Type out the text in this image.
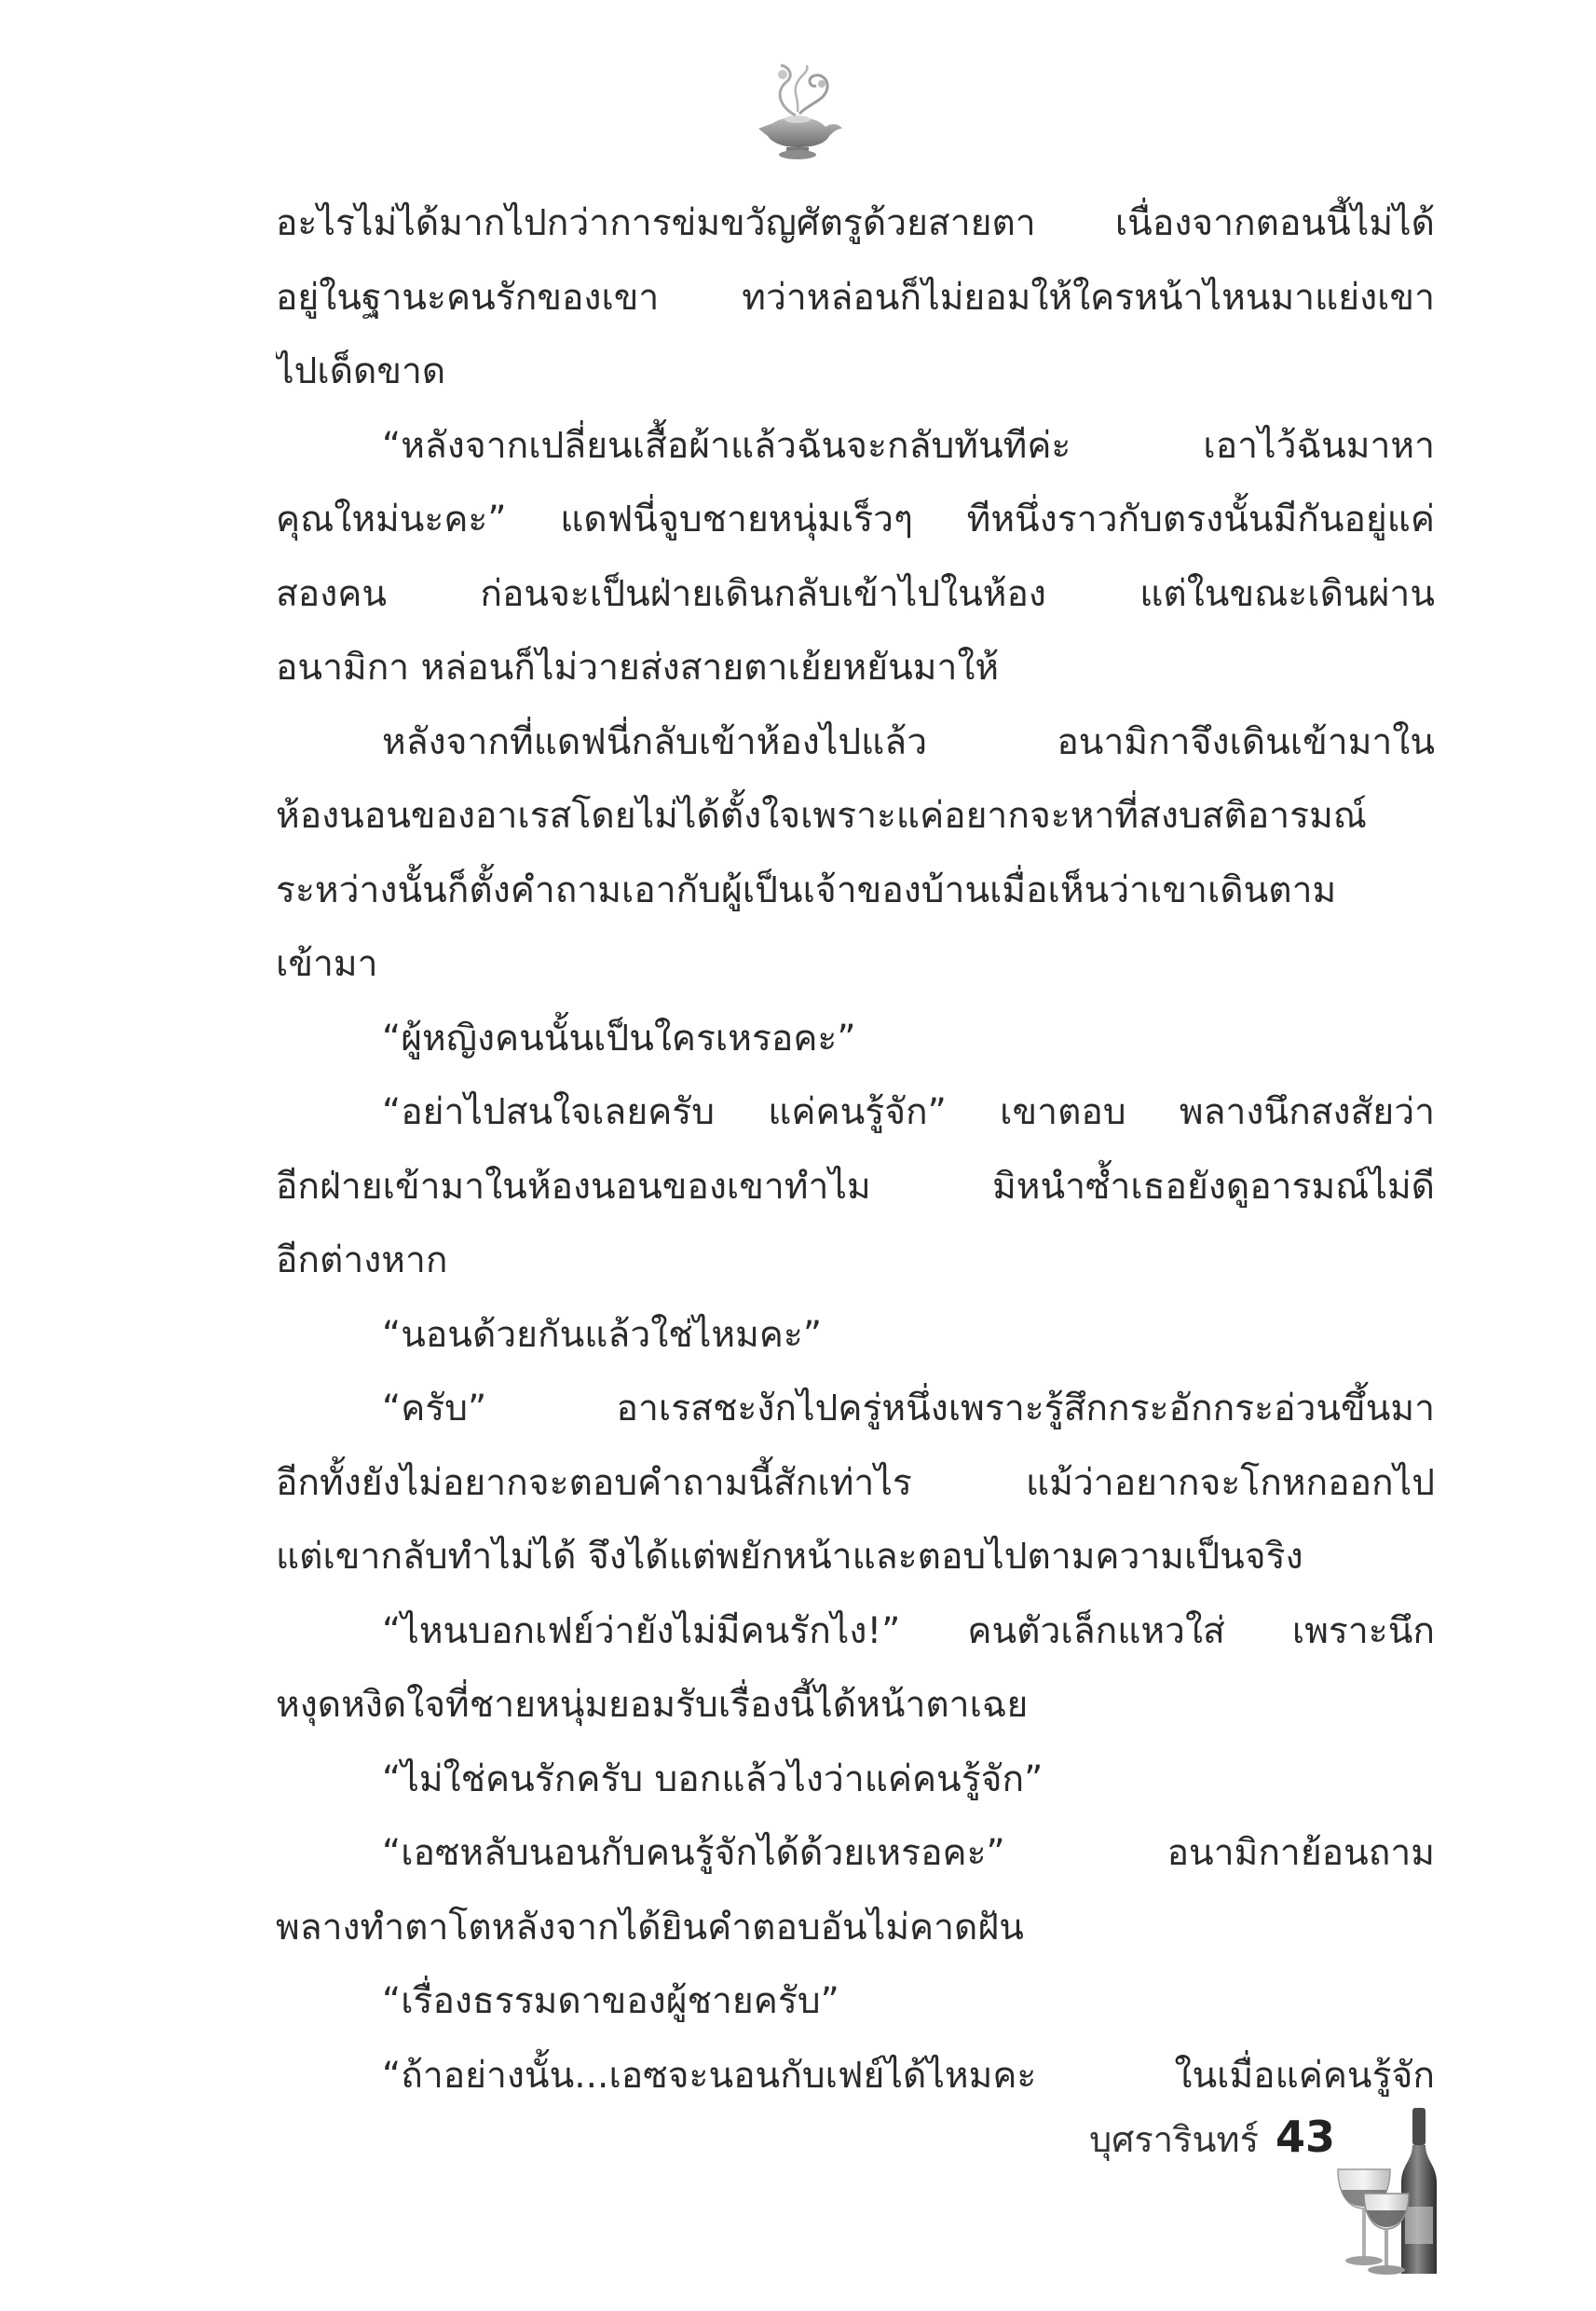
อะไรไม่ได้มากไปกว่าการข่มขวัญศัตรูด้วยสายตา เนื่องจากตอนนี้ไม่ได้
อยู่ในฐานะคนรักของเขา ทว่าหล่อนก็ไม่ยอมให้ใครหน้าไหนมาแย่งเขา
ไปเด็ดขาด
“หลังจากเปลี่ยนเสื้อผ้าแล้วฉันจะกลับทันทีค่ะ เอาไว้ฉันมาหา
คุณใหม่นะคะ” แดฟนี่จูบชายหนุ่มเร็วๆ ทีหนึ่งราวกับตรงนั้นมีกันอยู่แค่
สองคน ก่อนจะเป็นฝ่ายเดินกลับเข้าไปในห้อง แต่ในขณะเดินผ่าน
อนามิกา หล่อนก็ไม่วายส่งสายตาเย้ยหยันมาให้
หลังจากที่แดฟนี่กลับเข้าห้องไปแล้ว อนามิกาจึงเดินเข้ามาใน
ห้องนอนของอาเรสโดยไม่ได้ตั้งใจเพราะแค่อยากจะหาที่สงบสติอารมณ์
ระหว่างนั้นก็ตั้งคำถามเอากับผู้เป็นเจ้าของบ้านเมื่อเห็นว่าเขาเดินตาม
เข้ามา
“ผู้หญิงคนนั้นเป็นใครเหรอคะ”
“อย่าไปสนใจเลยครับ แค่คนรู้จัก” เขาตอบ พลางนึกสงสัยว่า
อีกฝ่ายเข้ามาในห้องนอนของเขาทำไม มิหนำซ้ำเธอยังดูอารมณ์ไม่ดี
อีกต่างหาก
“นอนด้วยกันแล้วใช่ไหมคะ”
“ครับ” อาเรสชะงักไปครู่หนึ่งเพราะรู้สึกกระอักกระอ่วนขึ้นมา
อีกทั้งยังไม่อยากจะตอบคำถามนี้สักเท่าไร แม้ว่าอยากจะโกหกออกไป
แต่เขากลับทำไม่ได้ จึงได้แต่พยักหน้าและตอบไปตามความเป็นจริง
“ไหนบอกเฟย์ว่ายังไม่มีคนรักไง!” คนตัวเล็กแหวใส่ เพราะนึก
หงุดหงิดใจที่ชายหนุ่มยอมรับเรื่องนี้ได้หน้าตาเฉย
“ไม่ใช่คนรักครับ บอกแล้วไงว่าแค่คนรู้จัก”
“เอซหลับนอนกับคนรู้จักได้ด้วยเหรอคะ” อนามิกาย้อนถาม
พลางทำตาโตหลังจากได้ยินคำตอบอันไม่คาดฝัน
“เรื่องธรรมดาของผู้ชายครับ”
“ถ้าอย่างนั้น...เอซจะนอนกับเฟย์ได้ไหมคะ ในเมื่อแค่คนรู้จัก
บุศรารินทร์ 43
